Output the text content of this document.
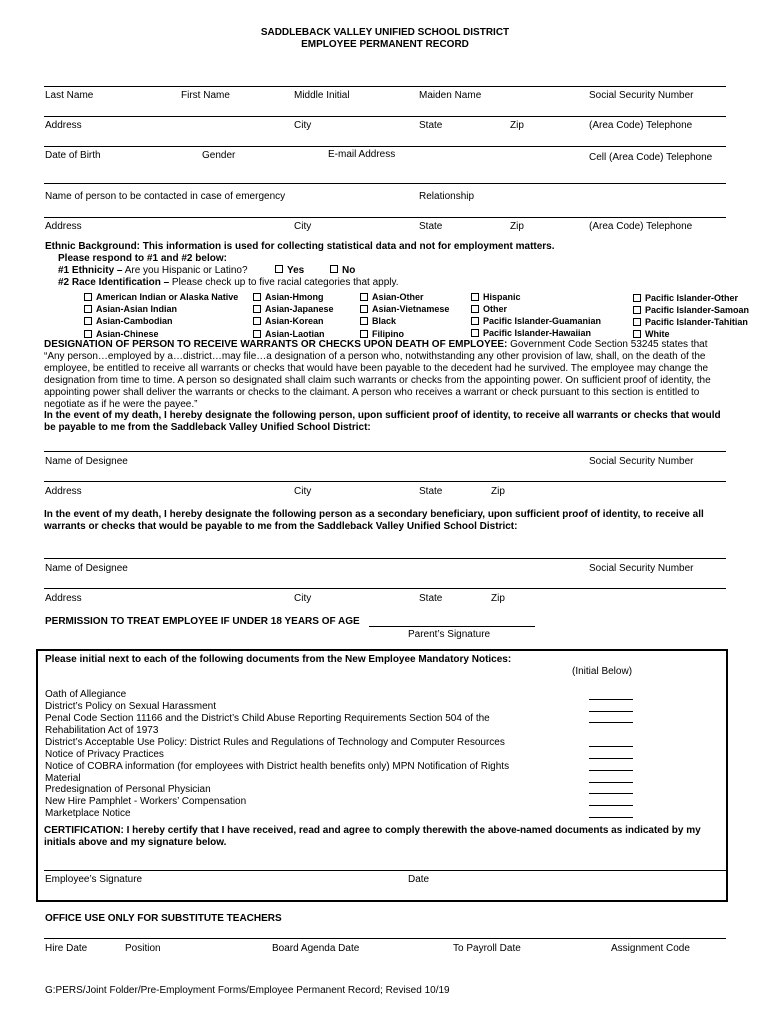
SADDLEBACK VALLEY UNIFIED SCHOOL DISTRICT
EMPLOYEE PERMANENT RECORD
Last Name	First Name	Middle Initial	Maiden Name	Social Security Number
Address	City	State	Zip	(Area Code) Telephone
Date of Birth	Gender	E-mail Address	Cell (Area Code) Telephone
Name of person to be contacted in case of emergency	Relationship
Address	City	State	Zip	(Area Code) Telephone
Ethnic Background: This information is used for collecting statistical data and not for employment matters.
Please respond to #1 and #2 below:
#1 Ethnicity – Are you Hispanic or Latino?	Yes	No
#2 Race Identification – Please check up to five racial categories that apply.
American Indian or Alaska Native
Asian-Asian Indian
Asian-Cambodian
Asian-Chinese
Asian-Hmong
Asian-Japanese
Asian-Korean
Asian-Laotian
Asian-Other
Asian-Vietnamese
Black
Filipino
Hispanic
Other
Pacific Islander-Guamanian
Pacific Islander-Hawaiian
Pacific Islander-Other
Pacific Islander-Samoan
Pacific Islander-Tahitian
White
DESIGNATION OF PERSON TO RECEIVE WARRANTS OR CHECKS UPON DEATH OF EMPLOYEE: Government Code Section 53245 states that
“Any person…employed by a…district…may file…a designation of a person who, notwithstanding any other provision of law, shall, on the death of the employee, be entitled to receive all warrants or checks that would have been payable to the decedent had he survived. The employee may change the designation from time to time. A person so designated shall claim such warrants or checks from the appointing power. On sufficient proof of identity, the appointing power shall deliver the warrants or checks to the claimant. A person who receives a warrant or check pursuant to this section is entitled to negotiate as if he were the payee.”
In the event of my death, I hereby designate the following person, upon sufficient proof of identity, to receive all warrants or checks that would be payable to me from the Saddleback Valley Unified School District:
Name of Designee	Social Security Number
Address	City	State	Zip
In the event of my death, I hereby designate the following person as a secondary beneficiary, upon sufficient proof of identity, to receive all warrants or checks that would be payable to me from the Saddleback Valley Unified School District:
Name of Designee	Social Security Number
Address	City	State	Zip
PERMISSION TO TREAT EMPLOYEE IF UNDER 18 YEARS OF AGE
Parent’s Signature
Please initial next to each of the following documents from the New Employee Mandatory Notices:
(Initial Below)
Oath of Allegiance
District’s Policy on Sexual Harassment
Penal Code Section 11166 and the District’s Child Abuse Reporting Requirements Section 504 of the
Rehabilitation Act of 1973
District’s Acceptable Use Policy: District Rules and Regulations of Technology and Computer Resources
Notice of Privacy Practices
Notice of COBRA information (for employees with District health benefits only) MPN Notification of Rights
Material
Predesignation of Personal Physician
New Hire Pamphlet - Workers’ Compensation
Marketplace Notice
CERTIFICATION: I hereby certify that I have received, read and agree to comply therewith the above-named documents as indicated by my initials above and my signature below.
Employee’s Signature	Date
OFFICE USE ONLY FOR SUBSTITUTE TEACHERS
Hire Date	Position	Board Agenda Date	To Payroll Date	Assignment Code
G:PERS/Joint Folder/Pre-Employment Forms/Employee Permanent Record; Revised 10/19
